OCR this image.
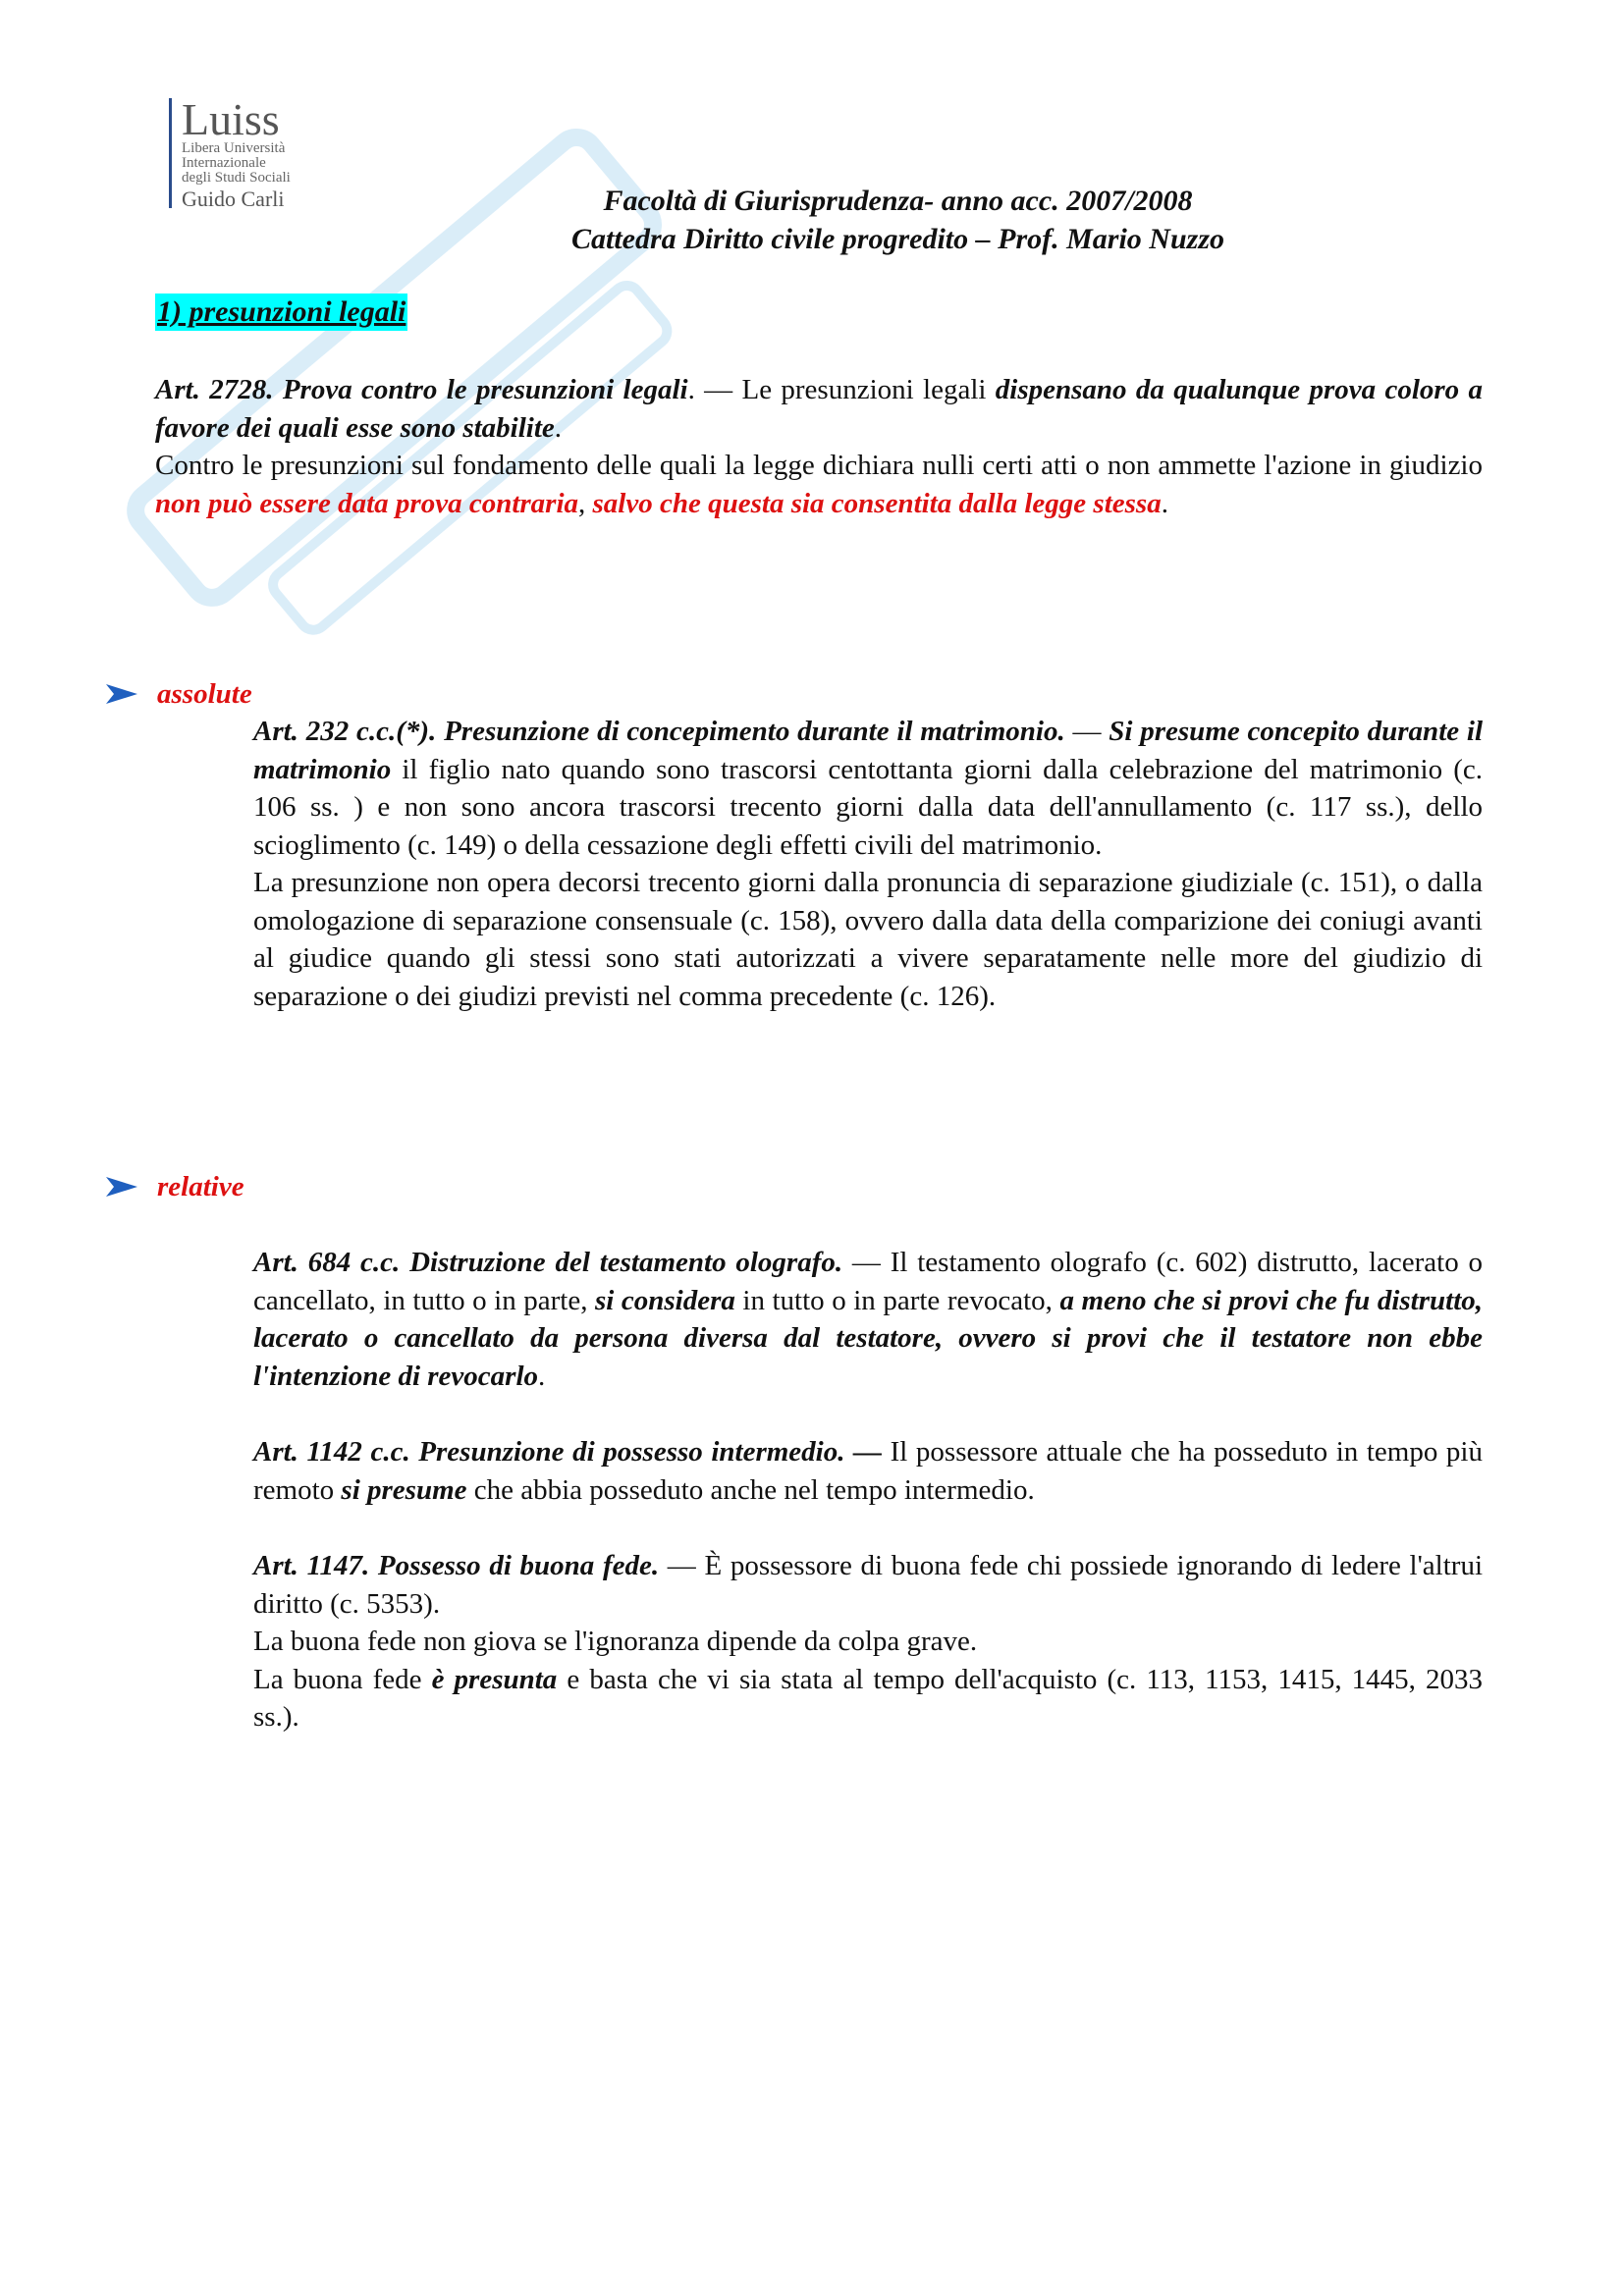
Luiss
Libera Università
Internazionale
degli Studi Sociali
Guido Carli	Facoltà di Giurisprudenza- anno acc. 2007/2008
Cattedra Diritto civile progredito – Prof. Mario Nuzzo
1) presunzioni legali

Art. 2728. Prova contro le presunzioni legali. — Le presunzioni legali dispensano da qualunque prova coloro a favore dei quali esse sono stabilite.

Contro le presunzioni sul fondamento delle quali la legge dichiara nulli certi atti o non ammette l'azione in giudizio non può essere data prova contraria, salvo che questa sia consentita dalla legge stessa.

assolute

Art. 232 c.c.(*). Presunzione di concepimento durante il matrimonio. — Si presume concepito durante il matrimonio il figlio nato quando sono trascorsi centottanta giorni dalla celebrazione del matrimonio (c. 106 ss. ) e non sono ancora trascorsi trecento giorni dalla data dell'annullamento (c. 117 ss.), dello scioglimento (c. 149) o della cessazione degli effetti civili del matrimonio.

La presunzione non opera decorsi trecento giorni dalla pronuncia di separazione giudiziale (c. 151), o dalla omologazione di separazione consensuale (c. 158), ovvero dalla data della comparizione dei coniugi avanti al giudice quando gli stessi sono stati autorizzati a vivere separatamente nelle more del giudizio di separazione o dei giudizi previsti nel comma precedente (c. 126).

relative

Art. 684 c.c. Distruzione del testamento olografo. — Il testamento olografo (c. 602) distrutto, lacerato o cancellato, in tutto o in parte, si considera in tutto o in parte revocato, a meno che si provi che fu distrutto, lacerato o cancellato da persona diversa dal testatore, ovvero si provi che il testatore non ebbe l'intenzione di revocarlo.

Art. 1142 c.c. Presunzione di possesso intermedio. — Il possessore attuale che ha posseduto in tempo più remoto si presume che abbia posseduto anche nel tempo intermedio.

Art. 1147. Possesso di buona fede. — È possessore di buona fede chi possiede ignorando di ledere l'altrui diritto (c. 5353).

La buona fede non giova se l'ignoranza dipende da colpa grave.

La buona fede è presunta e basta che vi sia stata al tempo dell'acquisto (c. 113, 1153, 1415, 1445, 2033 ss.).
